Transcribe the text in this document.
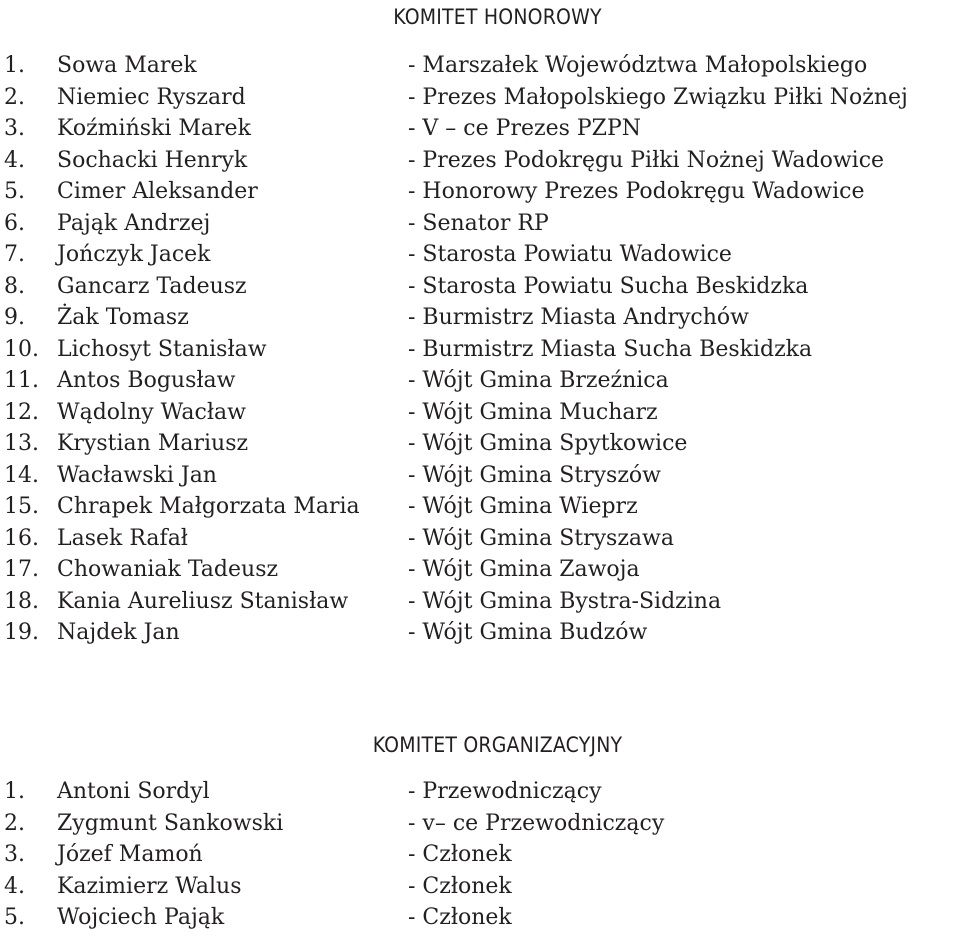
KOMITET HONOROWY
1. Sowa Marek	- Marszałek Województwa Małopolskiego
2. Niemiec Ryszard	- Prezes Małopolskiego Związku Piłki Nożnej
3. Koźmiński Marek	- V – ce Prezes PZPN
4. Sochacki Henryk	- Prezes Podokręgu Piłki Nożnej Wadowice
5. Cimer Aleksander	- Honorowy Prezes Podokręgu Wadowice
6. Pająk Andrzej	- Senator RP
7. Jończyk Jacek	- Starosta Powiatu Wadowice
8. Gancarz Tadeusz	- Starosta Powiatu Sucha Beskidzka
9. Żak Tomasz	- Burmistrz Miasta Andrychów
10. Lichosyt Stanisław	- Burmistrz Miasta Sucha Beskidzka
11. Antos Bogusław	- Wójt Gmina Brzeźnica
12. Wądolny Wacław	- Wójt Gmina Mucharz
13. Krystian Mariusz	- Wójt Gmina Spytkowice
14. Wacławski Jan	- Wójt Gmina Stryszów
15. Chrapek Małgorzata Maria - Wójt Gmina Wieprz
16. Lasek Rafał	- Wójt Gmina Stryszawa
17. Chowaniak Tadeusz	- Wójt Gmina Zawoja
18. Kania Aureliusz Stanisław	- Wójt Gmina Bystra-Sidzina
19. Najdek Jan	- Wójt Gmina Budzów
KOMITET ORGANIZACYJNY
1. Antoni Sordyl	- Przewodniczący
2. Zygmunt Sankowski	- v– ce Przewodniczący
3. Józef Mamoń	- Członek
4. Kazimierz Walus	- Członek
5. Wojciech Pająk	- Członek
